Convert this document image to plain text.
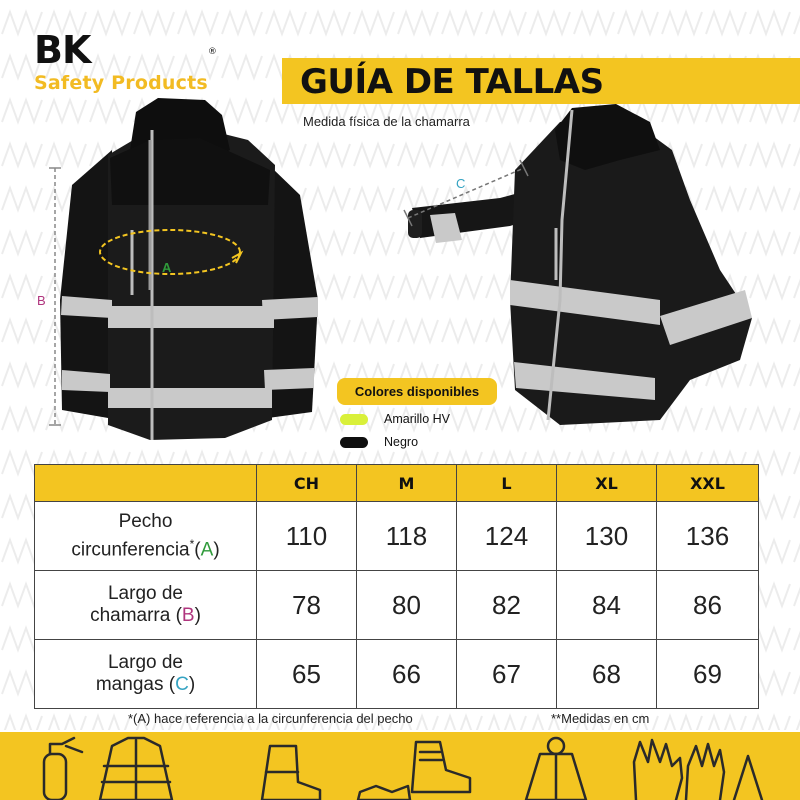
BK	®
Safety Products	GUÍA DE TALLAS
Medida física de la chamarra
A
B
C
Colores disponibles
Amarillo HV
Negro
	CH	M	L	XL	XXL
Pecho
circunferencia*(A)	110	118	124	130	136
Largo de
chamarra (B)	78	80	82	84	86
Largo de
mangas (C)	65	66	67	68	69
*(A) hace referencia a la circunferencia del pecho	**Medidas en cm
